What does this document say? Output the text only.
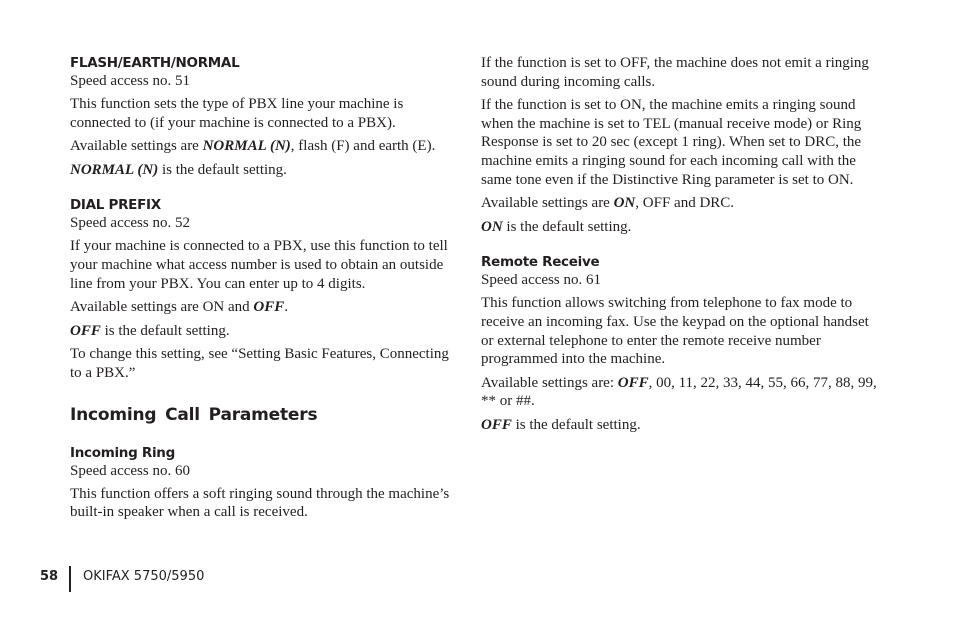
FLASH/EARTH/NORMAL

Speed access no. 51

This function sets the type of PBX line your machine is connected to (if your machine is connected to a PBX).

Available settings are NORMAL (N), flash (F) and earth (E).

NORMAL (N) is the default setting.

DIAL PREFIX

Speed access no. 52

If your machine is connected to a PBX, use this function to tell your machine what access number is used to obtain an outside line from your PBX. You can enter up to 4 digits.

Available settings are ON and OFF.

OFF is the default setting.

To change this setting, see “Setting Basic Features, Connecting to a PBX.”

Incoming Call Parameters

Incoming Ring

Speed access no. 60

This function offers a soft ringing sound through the machine’s built-in speaker when a call is received.

If the function is set to OFF, the machine does not emit a ringing sound during incoming calls.

If the function is set to ON, the machine emits a ringing sound when the machine is set to TEL (manual receive mode) or Ring Response is set to 20 sec (except 1 ring). When set to DRC, the machine emits a ringing sound for each incoming call with the same tone even if the Distinctive Ring parameter is set to ON.

Available settings are ON, OFF and DRC.

ON is the default setting.

Remote Receive

Speed access no. 61

This function allows switching from telephone to fax mode to receive an incoming fax. Use the keypad on the optional handset or external telephone to enter the remote receive number programmed into the machine.

Available settings are: OFF, 00, 11, 22, 33, 44, 55, 66, 77, 88, 99, ** or ##.

OFF is the default setting.

58 OKIFAX 5750/5950
